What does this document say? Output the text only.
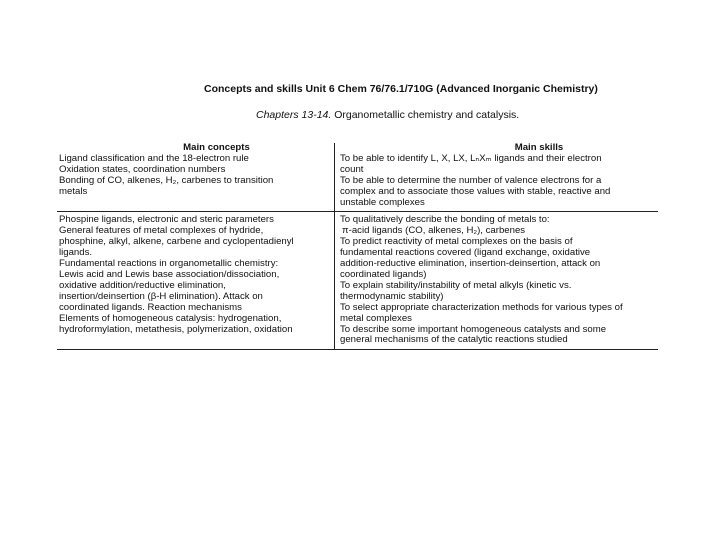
Concepts and skills Unit 6 Chem 76/76.1/710G (Advanced Inorganic Chemistry)
Chapters 13-14. Organometallic chemistry and catalysis.
Main concepts
Ligand classification and the 18-electron rule
Oxidation states, coordination numbers
Bonding of CO, alkenes, H₂, carbenes to transition
metals
Main skills
To be able to identify L, X, LX, LₙXₘ ligands and their electron
count
To be able to determine the number of valence electrons for a
complex and to associate those values with stable, reactive and
unstable complexes
Phospine ligands, electronic and steric parameters
General features of metal complexes of hydride,
phosphine, alkyl, alkene, carbene and cyclopentadienyl
ligands.
Fundamental reactions in organometallic chemistry:
Lewis acid and Lewis base association/dissociation,
oxidative addition/reductive elimination,
insertion/deinsertion (β-H elimination). Attack on
coordinated ligands. Reaction mechanisms
Elements of homogeneous catalysis: hydrogenation,
hydroformylation, metathesis, polymerization, oxidation
To qualitatively describe the bonding of metals to:
π-acid ligands (CO, alkenes, H₂), carbenes
To predict reactivity of metal complexes on the basis of
fundamental reactions covered (ligand exchange, oxidative
addition-reductive elimination, insertion-deinsertion, attack on
coordinated ligands)
To explain stability/instability of metal alkyls (kinetic vs.
thermodynamic stability)
To select appropriate characterization methods for various types of
metal complexes
To describe some important homogeneous catalysts and some
general mechanisms of the catalytic reactions studied
